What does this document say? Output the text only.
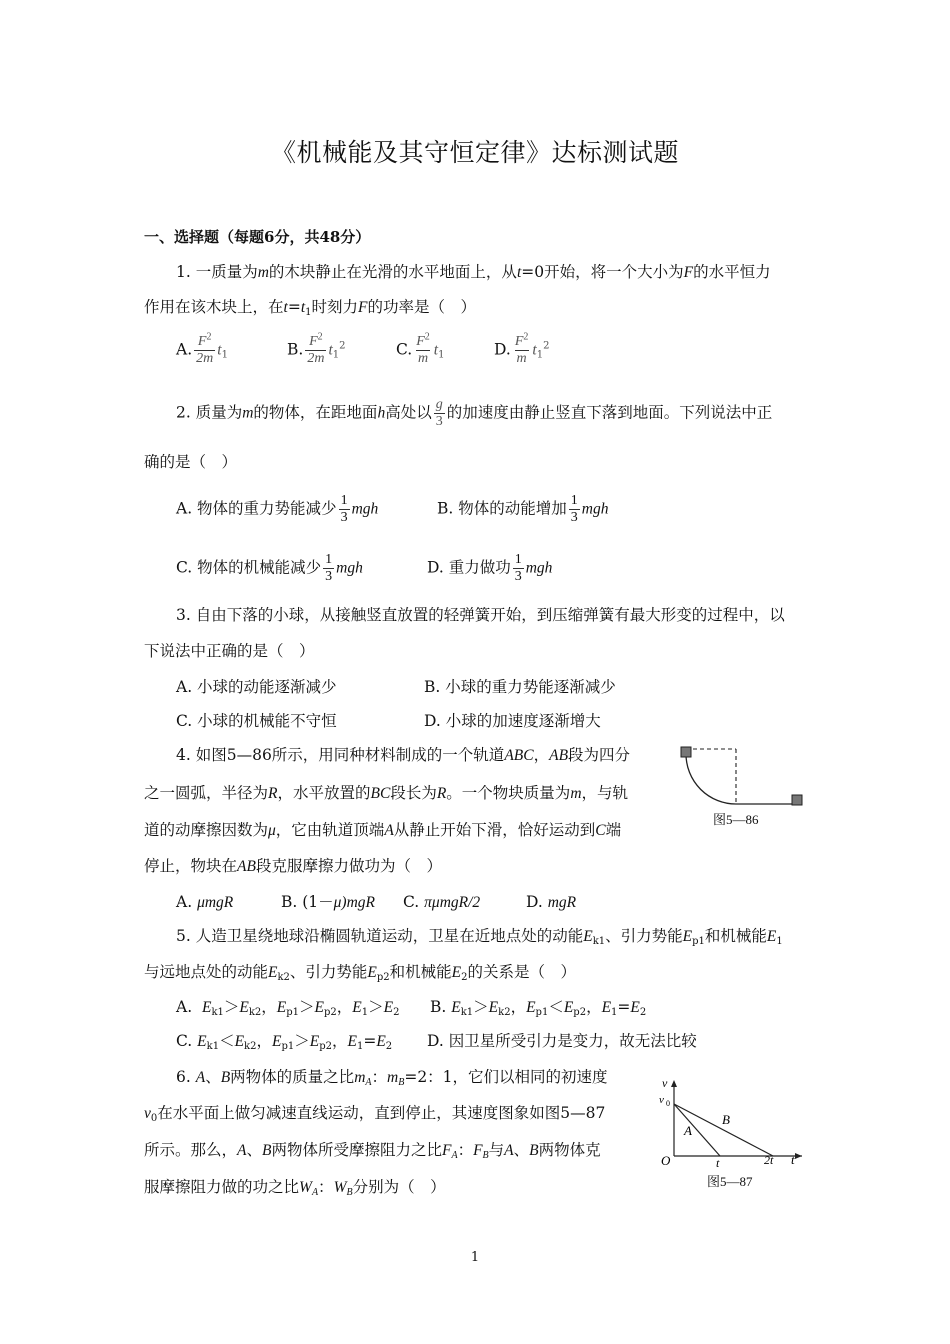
《机械能及其守恒定律》达标测试题
一、选择题（每题6分，共48分）
1. 一质量为m的木块静止在光滑的水平地面上，从t=0开始，将一个大小为F的水平恒力
作用在该木块上，在$t=t_1$时刻力F的功率是（　）
A. $\frac{F^2}{2m} t_1$	B. $\frac{F^2}{2m} t_1^2$	C. $\frac{F^2}{m} t_1$	D. $\frac{F^2}{m} t_1^2$
2. 质量为m的物体，在距地面h高处以 $\frac{g}{3}$ 的加速度由静止竖直下落到地面。下列说法中正
确的是（　）
A. 物体的重力势能减少 $\frac{1}{3}$ mgh	B. 物体的动能增加 $\frac{1}{3}$ mgh
C. 物体的机械能减少 $\frac{1}{3}$ mgh	D. 重力做功 $\frac{1}{3}$ mgh
3. 自由下落的小球，从接触竖直放置的轻弹簧开始，到压缩弹簧有最大形变的过程中，以
下说法中正确的是（　）
A. 小球的动能逐渐减少	B. 小球的重力势能逐渐减少
C. 小球的机械能不守恒	D. 小球的加速度逐渐增大
4. 如图5—86所示，用同种材料制成的一个轨道ABC，AB段为四分
之一圆弧，半径为R，水平放置的BC段长为R。一个物块质量为m，与轨
道的动摩擦因数为μ，它由轨道顶端A从静止开始下滑，恰好运动到C端
停止，物块在AB段克服摩擦力做功为（　）
A. μmgR	B. (1－μ)mgR C. πμmgR/2	D. mgR
图5—86
5. 人造卫星绕地球沿椭圆轨道运动，卫星在近地点处的动能$E_{k1}$、引力势能$E_{p1}$和机械能$E_1$
与远地点处的动能$E_{k2}$、引力势能$E_{p2}$和机械能$E_2$的关系是（　）
A. $E_{k1}>E_{k2}$，$E_{p1}>E_{p2}$，$E_1>E_2$ B. $E_{k1}>E_{k2}$，$E_{p1}<E_{p2}$，$E_1=E_2$
C. $E_{k1}<E_{k2}$，$E_{p1}>E_{p2}$，$E_1=E_2$ D. 因卫星所受引力是变力，故无法比较
6. A、B两物体的质量之比$m_A$：$m_B=2$：1，它们以相同的初速度
$v_0$在水平面上做匀减速直线运动，直到停止，其速度图象如图5—87
所示。那么，A、B两物体所受摩擦阻力之比$F_A$：$F_B$与A、B两物体克
服摩擦阻力做的功之比$W_A$：$W_B$分别为（　）
v
v 0
O
A
B
t	2t t
图5—87
1
